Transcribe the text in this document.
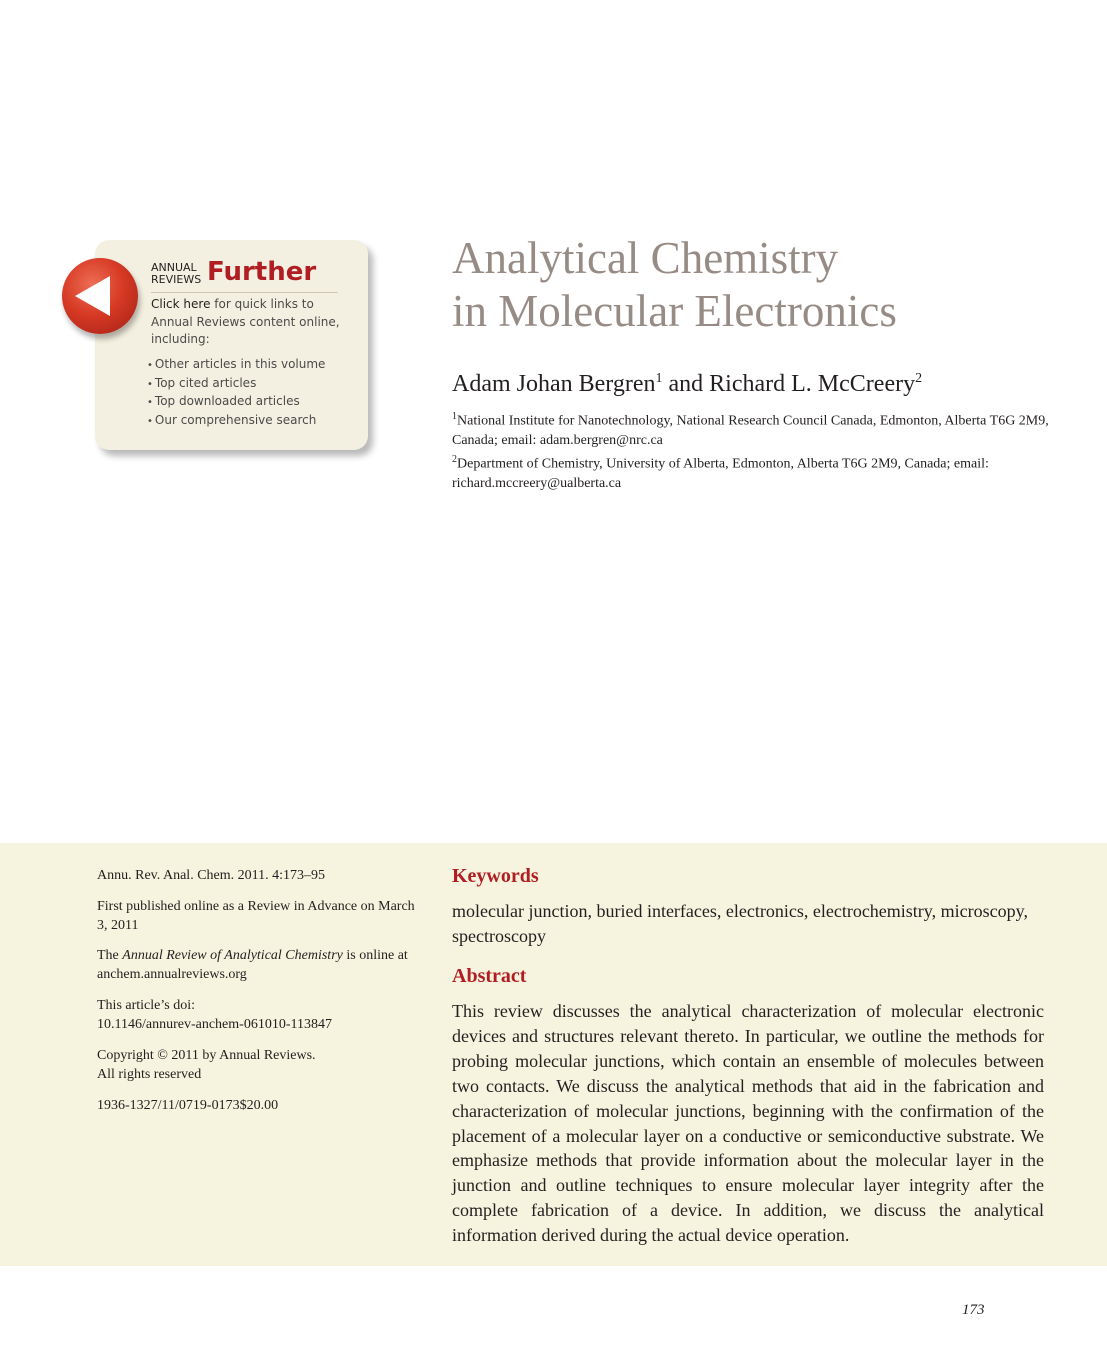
ANNUAL REVIEWS Further
Click here for quick links to Annual Reviews content online, including:
• Other articles in this volume
• Top cited articles
• Top downloaded articles
• Our comprehensive search
Analytical Chemistry
in Molecular Electronics
Adam Johan Bergren$^1$ and Richard L. McCreery$^2$
$^1$National Institute for Nanotechnology, National Research Council Canada, Edmonton, Alberta T6G 2M9, Canada; email: adam.bergren@nrc.ca
$^2$Department of Chemistry, University of Alberta, Edmonton, Alberta T6G 2M9, Canada; email: richard.mccreery@ualberta.ca
Annu. Rev. Anal. Chem. 2011. 4:173–95
First published online as a Review in Advance on March 3, 2011
The Annual Review of Analytical Chemistry is online at anchem.annualreviews.org
This article’s doi:
10.1146/annurev-anchem-061010-113847
Copyright © 2011 by Annual Reviews.
All rights reserved
1936-1327/11/0719-0173$20.00
Keywords
molecular junction, buried interfaces, electronics, electrochemistry, microscopy, spectroscopy
Abstract
This review discusses the analytical characterization of molecular electronic devices and structures relevant thereto. In particular, we outline the methods for probing molecular junctions, which contain an ensemble of molecules between two contacts. We discuss the analytical methods that aid in the fabrication and characterization of molecular junctions, beginning with the confirmation of the placement of a molecular layer on a conductive or semiconductive substrate. We emphasize methods that provide information about the molecular layer in the junction and outline techniques to ensure molecular layer integrity after the complete fabrication of a device. In addition, we discuss the analytical information derived during the actual device operation.
173
